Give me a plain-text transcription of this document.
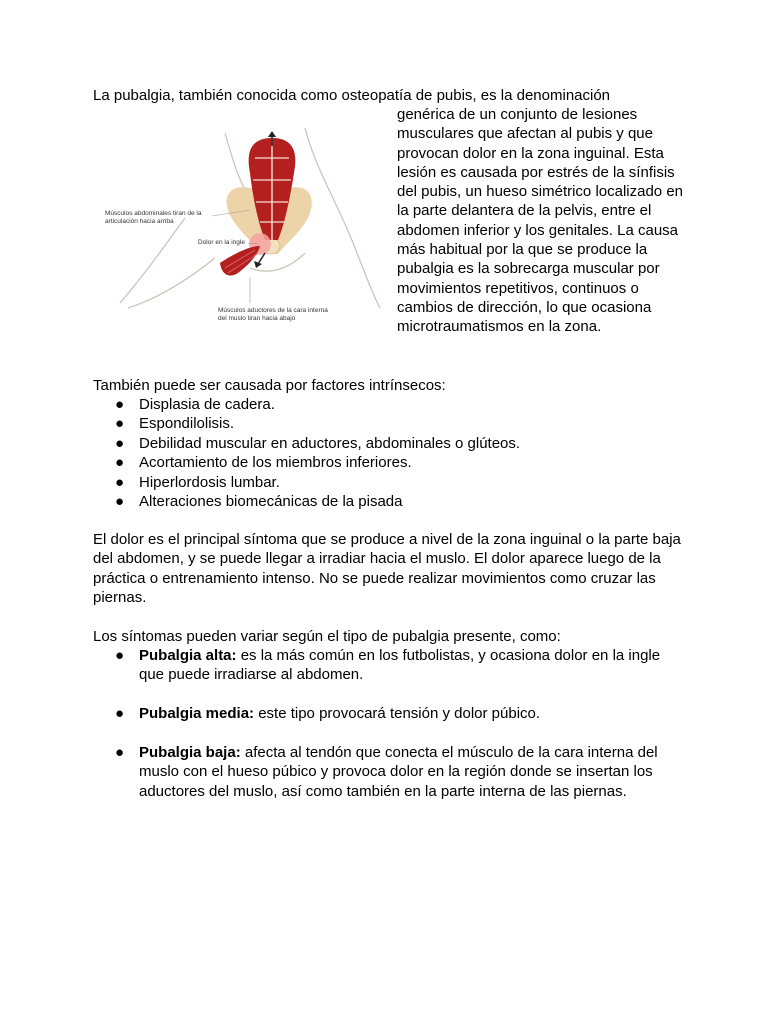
La pubalgia, también conocida como osteopatía de pubis, es la denominación
genérica de un conjunto de lesiones musculares que afectan al pubis y que provocan dolor en la zona inguinal. Esta lesión es causada por estrés de la sínfisis del pubis, un hueso simétrico localizado en la parte delantera de la pelvis, entre el abdomen inferior y los genitales. La causa más habitual por la que se produce la pubalgia es la sobrecarga muscular por movimientos repetitivos, continuos o cambios de dirección, lo que ocasiona microtraumatismos en la zona.
Músculos abdominales tiran de la
articulación hacia arriba
Dolor en la ingle
Músculos aductores de la cara interna
del muslo tiran hacia abajo
También puede ser causada por factores intrínsecos:
● Displasia de cadera.
● Espondilolisis.
● Debilidad muscular en aductores, abdominales o glúteos.
● Acortamiento de los miembros inferiores.
● Hiperlordosis lumbar.
● Alteraciones biomecánicas de la pisada
El dolor es el principal síntoma que se produce a nivel de la zona inguinal o la parte baja del abdomen, y se puede llegar a irradiar hacia el muslo. El dolor aparece luego de la práctica o entrenamiento intenso. No se puede realizar movimientos como cruzar las piernas.
Los síntomas pueden variar según el tipo de pubalgia presente, como:
● Pubalgia alta: es la más común en los futbolistas, y ocasiona dolor en la ingle que puede irradiarse al abdomen.
● Pubalgia media: este tipo provocará tensión y dolor púbico.
● Pubalgia baja: afecta al tendón que conecta el músculo de la cara interna del muslo con el hueso púbico y provoca dolor en la región donde se insertan los aductores del muslo, así como también en la parte interna de las piernas.
